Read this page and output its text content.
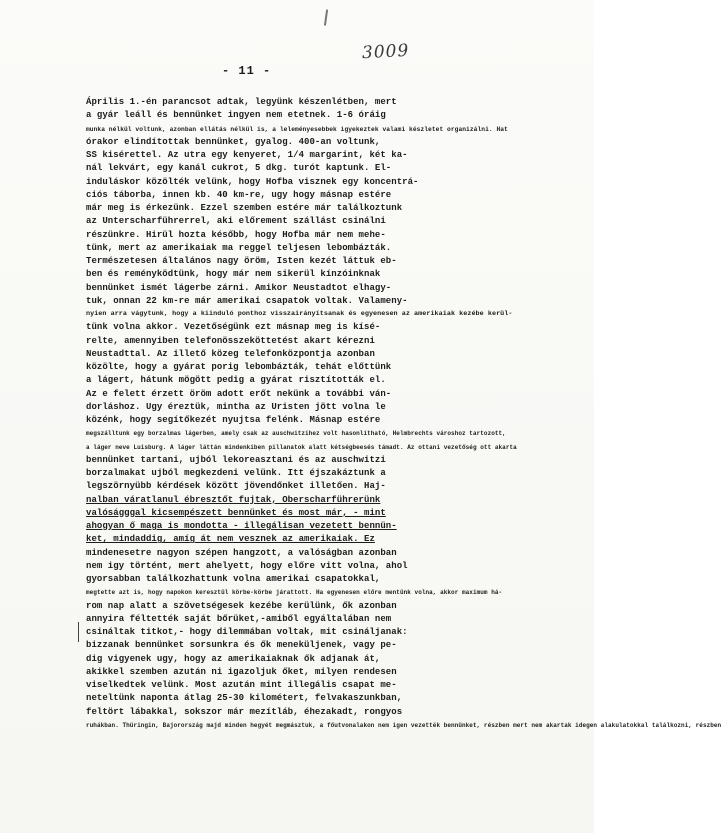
3009
- 11 -
Április 1.-én parancsot adtak, legyünk készenlétben, mert
a gyár leáll és bennünket ingyen nem etetnek. 1-6 óráig
munka nélkül voltunk, azonban ellátás nélkül is, a leleményesebbek igyekeztek valami készletet organizálni. Hat
órakor elindítottak bennünket, gyalog. 400-an voltunk,
SS kisérettel. Az utra egy kenyeret, 1/4 margarint, két ka-
nál lekvárt, egy kanál cukrot, 5 dkg. turót kaptunk. El-
induláskor közölték velünk, hogy Hofba visznek egy koncentrá-
ciós táborba, innen kb. 40 km-re, ugy hogy másnap estére
már meg is érkezünk. Ezzel szemben estére már találkoztunk
az Unterscharführerrel, aki előrement szállást csinálni
részünkre. Hirül hozta később, hogy Hofba már nem mehe-
tünk, mert az amerikaiak ma reggel teljesen lebombázták.
Természetesen általános nagy öröm, Isten kezét láttuk eb-
ben és reményködtünk, hogy már nem sikerül kínzóinknak
bennünket ismét lágerbe zárni. Amikor Neustadtot elhagy-
tuk, onnan 22 km-re már amerikai csapatok voltak. Valameny-
nyien arra vágytunk, hogy a kiinduló ponthoz visszairányítsanak és egyenesen az amerikaiak kezébe kerül-
tünk volna akkor. Vezetőségünk ezt másnap meg is kísé-
relte, amennyiben telefonösszeköttetést akart kérezni
Neustadttal. Az illető közeg telefonközpontja azonban
közölte, hogy a gyárat porig lebombázták, tehát előttünk
a lágert, hátunk mögött pedig a gyárat risztították el.
Az e felett érzett öröm adott erőt nekünk a további ván-
dorláshoz. Ugy éreztük, mintha az Uristen jött volna le
közénk, hogy segítőkezét nyujtsa felénk. Másnap estére
megszálltunk egy borzalmas lágerben, amely csak az auschwitzihez volt hasonlítható, Helmbrechts városhoz tartozott,
a láger neve Luisburg. A láger láttán mindenkiben pillanatok alatt kétségbeesés támadt. Az ottani vezetőség ott akarta
bennünket tartani, ujból lekoreasztani és az auschwitzi
borzalmakat ujból megkezdeni velünk. Itt éjszakáztunk a
legszörnyübb kérdések között jövendőnket illetően. Haj-
nalban váratlanul ébresztőt fujtak, Oberscharführerünk
valóságggal kicsempészett bennünket és most már, - mint
ahogyan ő maga is mondotta - illegálisan vezetett bennün-
ket, mindaddig, amíg át nem vesznek az amerikaiak. Ez
mindenesetre nagyon szépen hangzott, a valóságban azonban
nem igy történt, mert ahelyett, hogy előre vitt volna, ahol
gyorsabban találkozhattunk volna amerikai csapatokkal,
megtette azt is, hogy napokon keresztül körbe-körbe járattott. Ha egyenesen előre mentünk volna, akkor maximum há-
rom nap alatt a szövetségesek kezébe kerülünk, ők azonban
annyira féltették saját bőrüket,-amiből egyáltalában nem
csináltak titkot,- hogy dilemmában voltak, mit csináljanak:
bizzanak bennünket sorsunkra és ők meneküljenek, vagy pe-
dig vigyenek ugy, hogy az amerikaiaknak ők adjanak át,
akikkel szemben azután ni igazoljuk őket, milyen rendesen
viselkedtek velünk. Most azután mint illegális csapat me-
neteltünk naponta átlag 25-30 kilométert, felvakaszunkban,
feltört lábakkal, sokszor már mezítláb, éhezakadt, rongyos
ruhákban. Thüringin, Bajorország majd minden hegyét megmásztuk, a főutvonalakon nem igen vezették bennünket, részben mert nem akartak idegen alakulatokkal találkozni, részben
